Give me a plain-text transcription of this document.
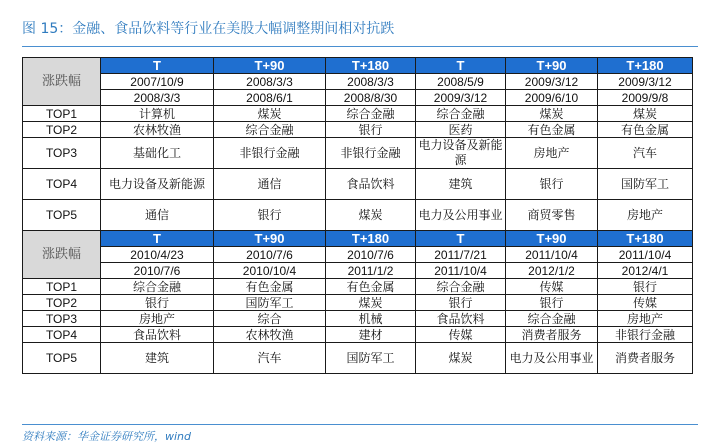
图 15：金融、食品饮料等行业在美股大幅调整期间相对抗跌
涨跌幅	T	T+90	T+180	T	T+90	T+180
	2007/10/9	2008/3/3	2008/3/3	2008/5/9	2009/3/12	2009/3/12
	2008/3/3	2008/6/1	2008/8/30	2009/3/12	2009/6/10	2009/9/8
TOP1	计算机	煤炭	综合金融	综合金融	煤炭	煤炭
TOP2	农林牧渔	综合金融	银行	医药	有色金属	有色金属
TOP3	基础化工	非银行金融	非银行金融	电力设备及新能源	房地产	汽车
TOP4	电力设备及新能源	通信	食品饮料	建筑	银行	国防军工
TOP5	通信	银行	煤炭	电力及公用事业	商贸零售	房地产
涨跌幅	T	T+90	T+180	T	T+90	T+180
	2010/4/23	2010/7/6	2010/7/6	2011/7/21	2011/10/4	2011/10/4
	2010/7/6	2010/10/4	2011/1/2	2011/10/4	2012/1/2	2012/4/1
TOP1	综合金融	有色金属	有色金属	综合金融	传媒	银行
TOP2	银行	国防军工	煤炭	银行	银行	传媒
TOP3	房地产	综合	机械	食品饮料	综合金融	房地产
TOP4	食品饮料	农林牧渔	建材	传媒	消费者服务	非银行金融
TOP5	建筑	汽车	国防军工	煤炭	电力及公用事业	消费者服务
资料来源：华金证券研究所，wind
